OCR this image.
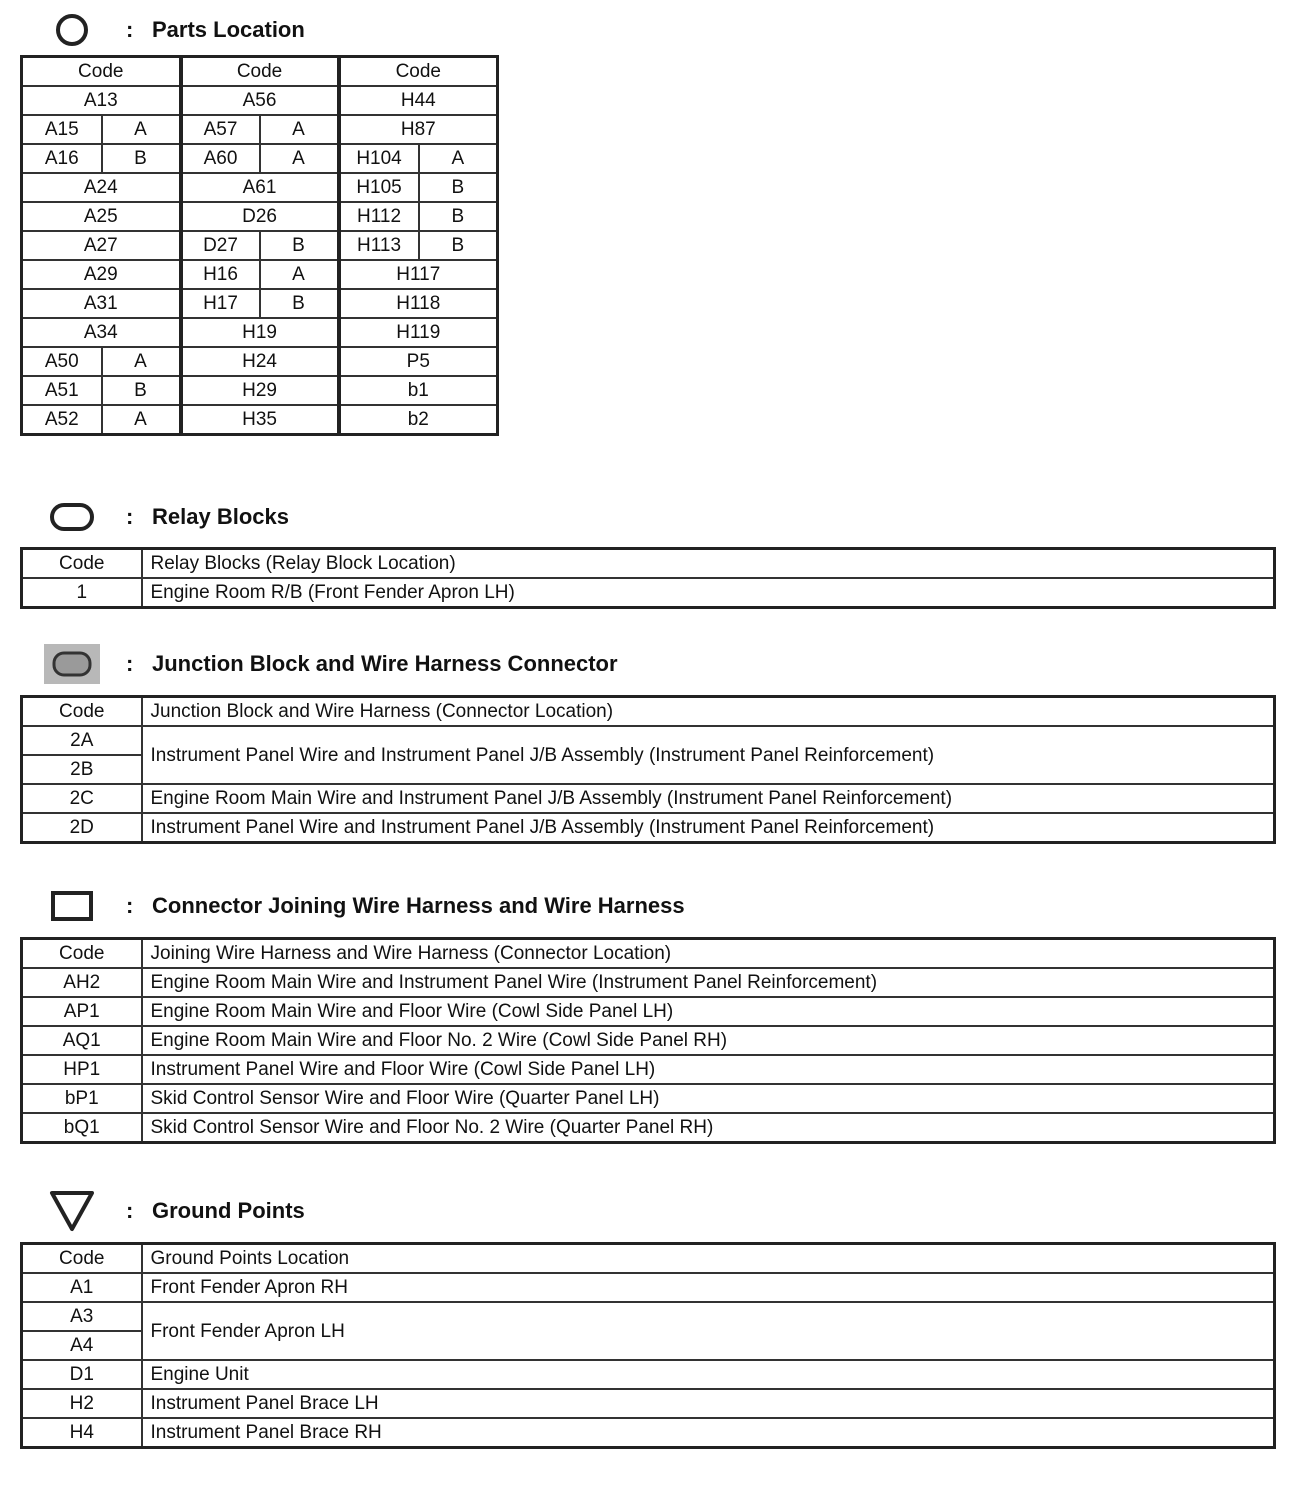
: Parts Location
Code		Code		Code	
A13		A56		H44	
A15	A	A57	A	H87	
A16	B	A60	A	H104	A
A24		A61		H105	B
A25		D26		H112	B
A27		D27	B	H113	B
A29		H16	A	H117	
A31		H17	B	H118	
A34		H19		H119	
A50	A	H24		P5	
A51	B	H29		b1	
A52	A	H35		b2	
: Relay Blocks
Code	Relay Blocks (Relay Block Location)
1	Engine Room R/B (Front Fender Apron LH)
: Junction Block and Wire Harness Connector
Code	Junction Block and Wire Harness (Connector Location)
2A	Instrument Panel Wire and Instrument Panel J/B Assembly (Instrument Panel Reinforcement)
2B	
2C	Engine Room Main Wire and Instrument Panel J/B Assembly (Instrument Panel Reinforcement)
2D	Instrument Panel Wire and Instrument Panel J/B Assembly (Instrument Panel Reinforcement)
: Connector Joining Wire Harness and Wire Harness
Code	Joining Wire Harness and Wire Harness (Connector Location)
AH2	Engine Room Main Wire and Instrument Panel Wire (Instrument Panel Reinforcement)
AP1	Engine Room Main Wire and Floor Wire (Cowl Side Panel LH)
AQ1	Engine Room Main Wire and Floor No. 2 Wire (Cowl Side Panel RH)
HP1	Instrument Panel Wire and Floor Wire (Cowl Side Panel LH)
bP1	Skid Control Sensor Wire and Floor Wire (Quarter Panel LH)
bQ1	Skid Control Sensor Wire and Floor No. 2 Wire (Quarter Panel RH)
: Ground Points
Code	Ground Points Location
A1	Front Fender Apron RH
A3	Front Fender Apron LH
A4	
D1	Engine Unit
H2	Instrument Panel Brace LH
H4	Instrument Panel Brace RH
